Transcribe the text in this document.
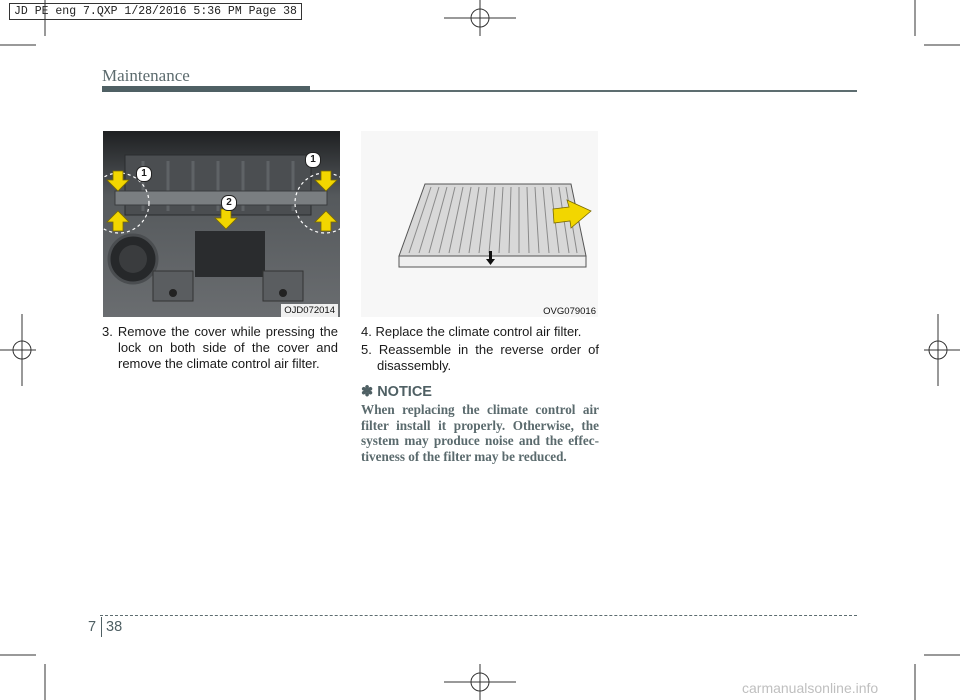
JD PE eng 7.QXP 1/28/2016 5:36 PM Page 38
Maintenance
1
1
2
OJD072014	OVG079016

3. Remove the cover while pressing the lock on both side of the cover and remove the climate control air filter.

4. Replace the climate control air filter.

5. Reassemble in the reverse order of disassembly.

✽ NOTICE
When replacing the climate control air filter install it properly. Otherwise, the system may produce noise and the effec-tiveness of the filter may be reduced.
7 38
carmanualsonline.info
